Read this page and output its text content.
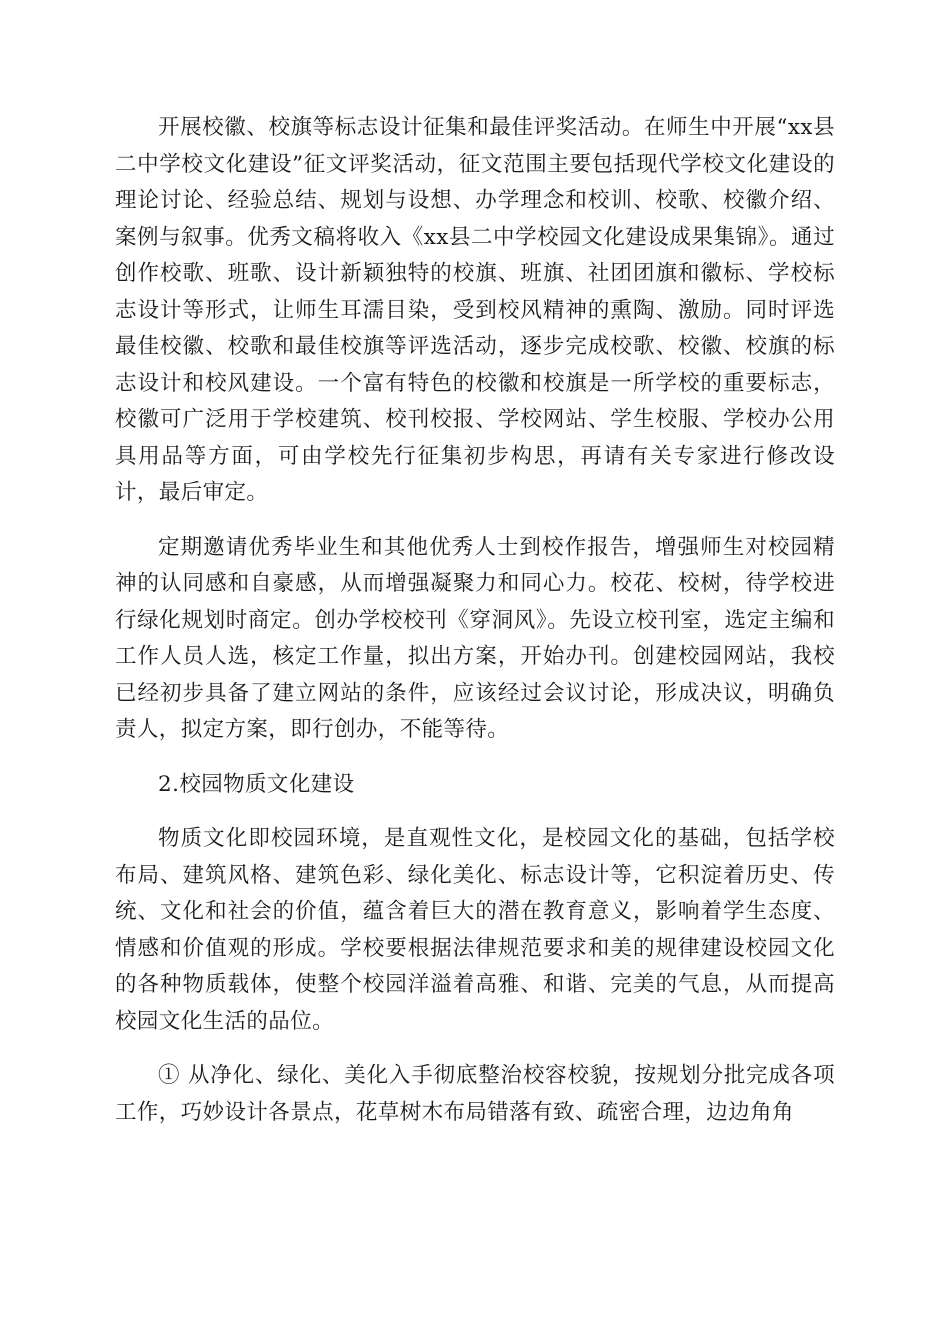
开展校徽、校旗等标志设计征集和最佳评奖活动。在师生中开展“xx县二中学校文化建设”征文评奖活动，征文范围主要包括现代学校文化建设的理论讨论、经验总结、规划与设想、办学理念和校训、校歌、校徽介绍、案例与叙事。优秀文稿将收入《xx县二中学校园文化建设成果集锦》。通过创作校歌、班歌、设计新颖独特的校旗、班旗、社团团旗和徽标、学校标志设计等形式，让师生耳濡目染，受到校风精神的熏陶、激励。同时评选最佳校徽、校歌和最佳校旗等评选活动，逐步完成校歌、校徽、校旗的标志设计和校风建设。一个富有特色的校徽和校旗是一所学校的重要标志，校徽可广泛用于学校建筑、校刊校报、学校网站、学生校服、学校办公用具用品等方面，可由学校先行征集初步构思，再请有关专家进行修改设计，最后审定。

定期邀请优秀毕业生和其他优秀人士到校作报告，增强师生对校园精神的认同感和自豪感，从而增强凝聚力和同心力。校花、校树，待学校进行绿化规划时商定。创办学校校刊《穿洞风》。先设立校刊室，选定主编和工作人员人选，核定工作量，拟出方案，开始办刊。创建校园网站，我校已经初步具备了建立网站的条件，应该经过会议讨论，形成决议，明确负责人，拟定方案，即行创办，不能等待。

2.校园物质文化建设

物质文化即校园环境，是直观性文化，是校园文化的基础，包括学校布局、建筑风格、建筑色彩、绿化美化、标志设计等，它积淀着历史、传统、文化和社会的价值，蕴含着巨大的潜在教育意义，影响着学生态度、情感和价值观的形成。学校要根据法律规范要求和美的规律建设校园文化的各种物质载体，使整个校园洋溢着高雅、和谐、完美的气息，从而提高校园文化生活的品位。

① 从净化、绿化、美化入手彻底整治校容校貌，按规划分批完成各项工作，巧妙设计各景点，花草树木布局错落有致、疏密合理，边边角角
